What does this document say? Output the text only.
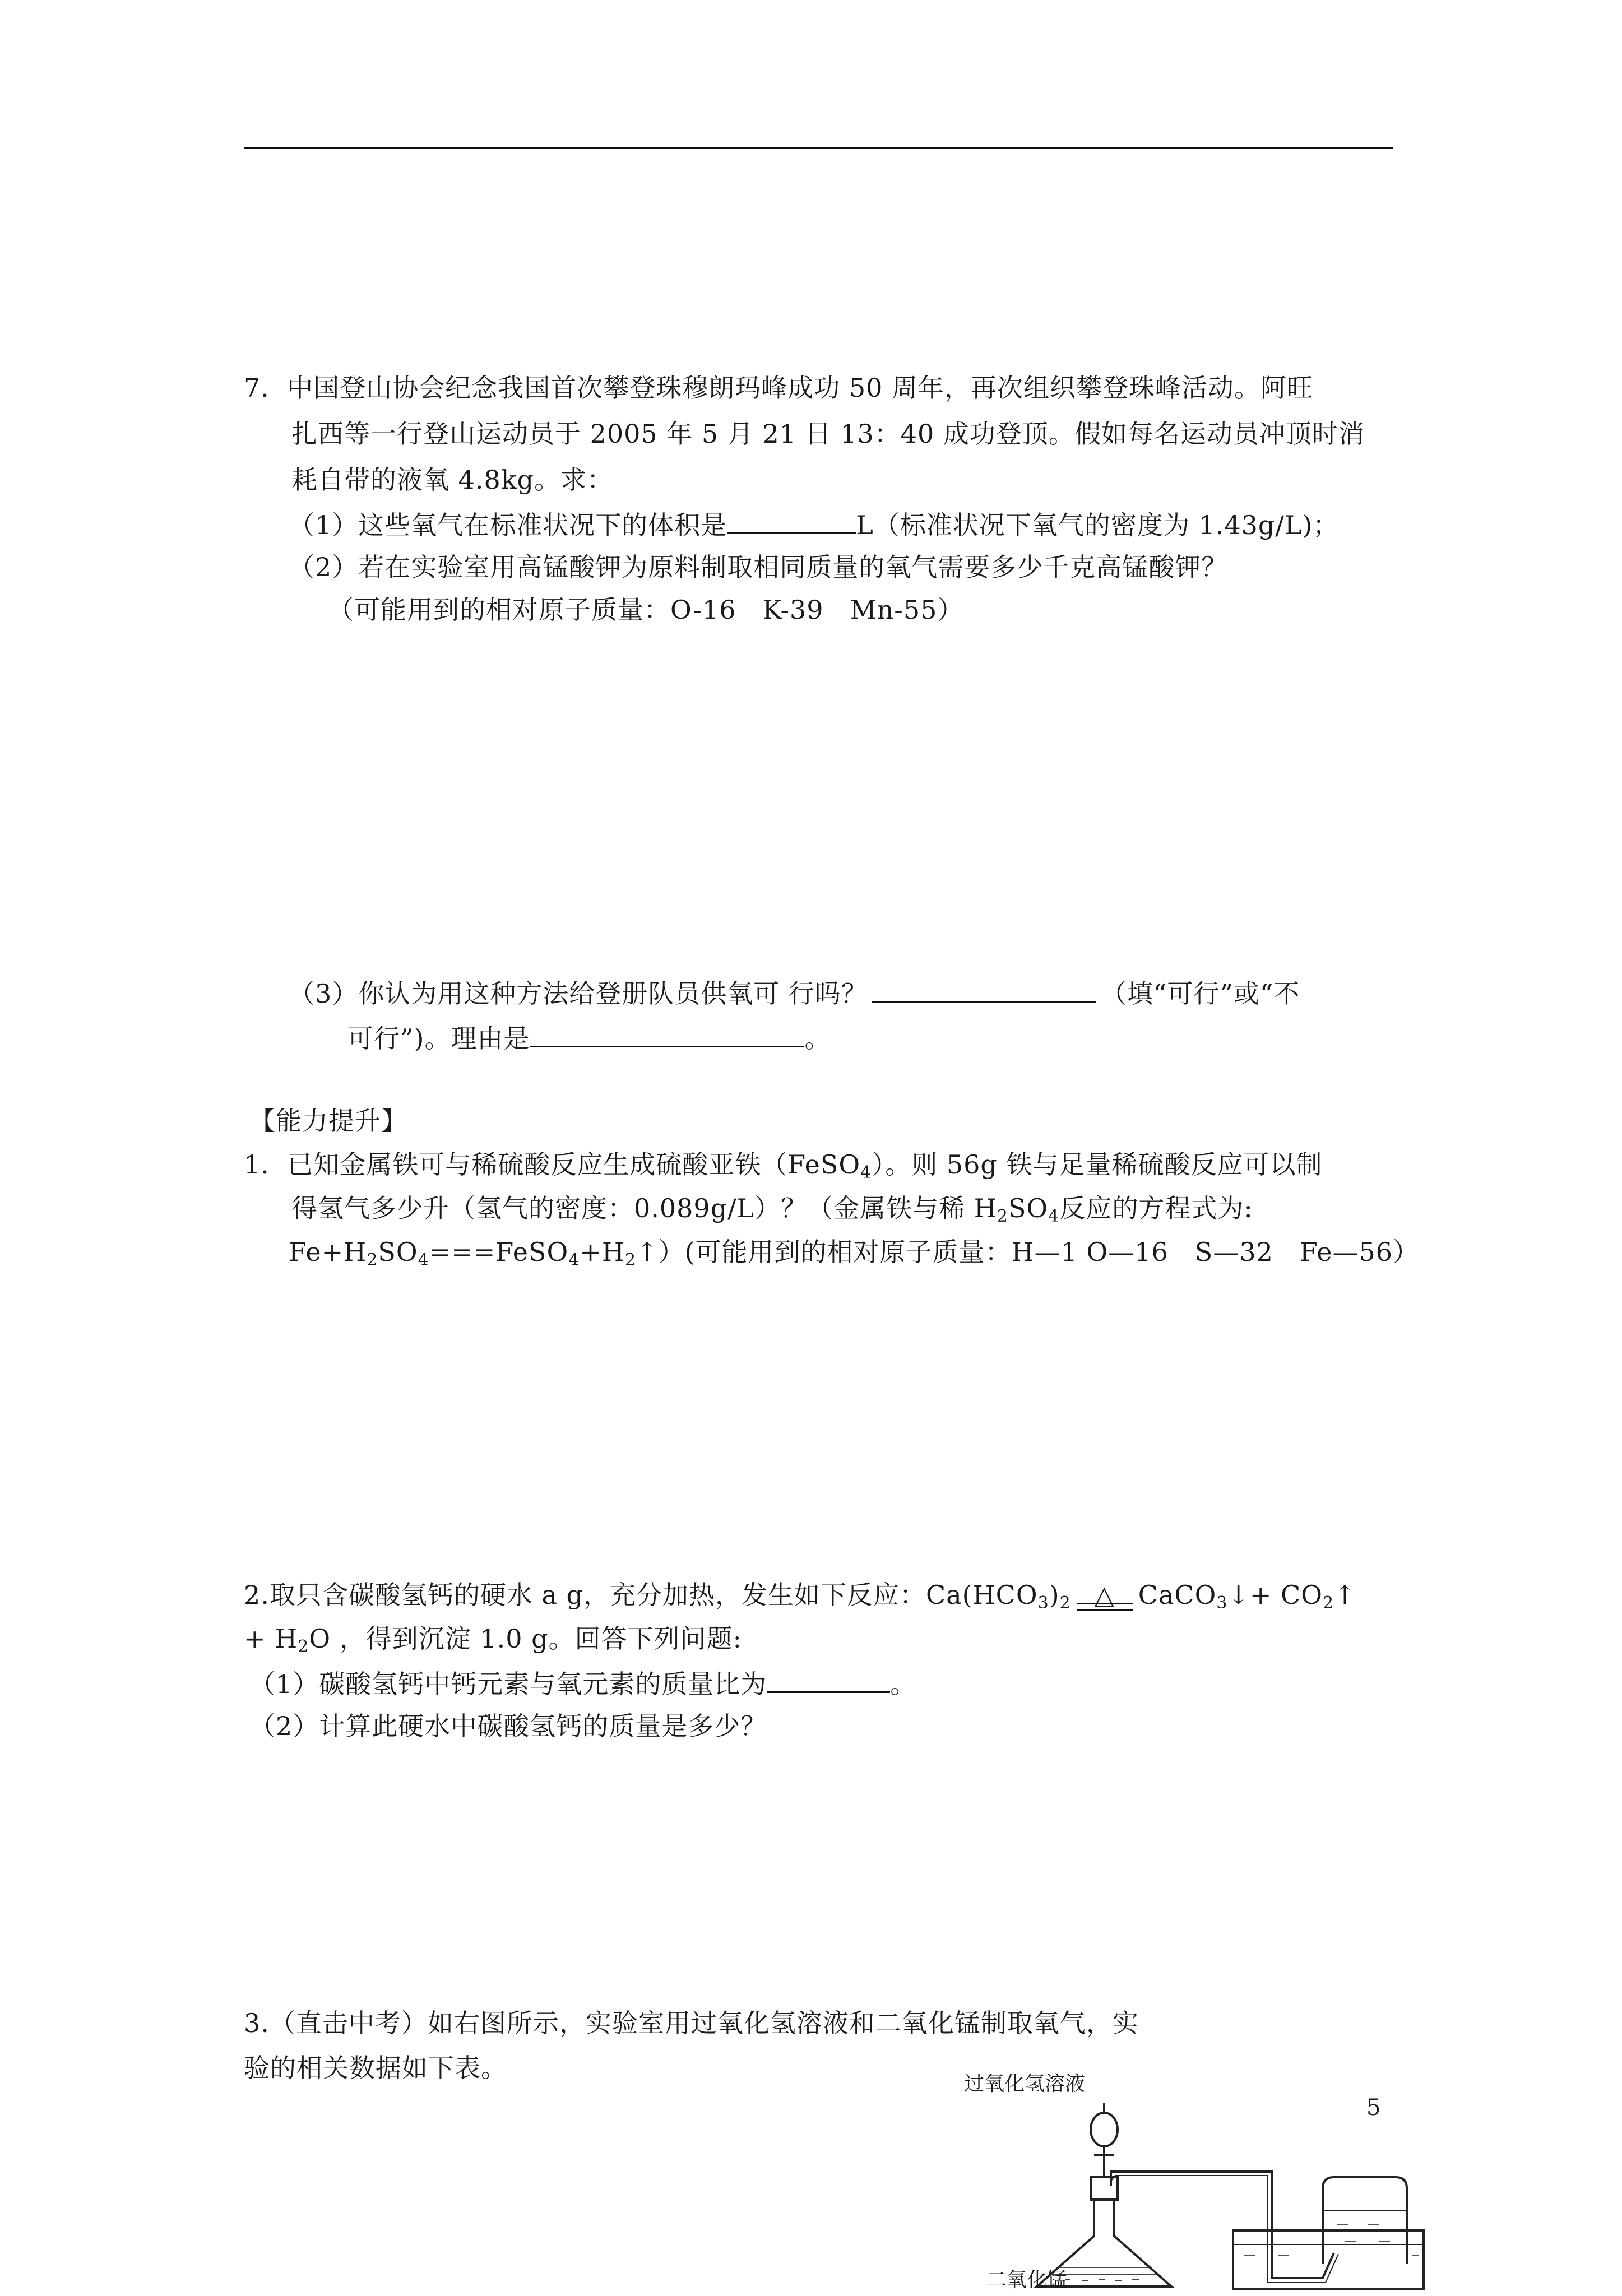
7．中国登山协会纪念我国首次攀登珠穆朗玛峰成功 50 周年，再次组织攀登珠峰活动。阿旺
扎西等一行登山运动员于 2005 年 5 月 21 日 13：40 成功登顶。假如每名运动员冲顶时消
耗自带的液氧 4.8kg。求：
（1）这些氧气在标准状况下的体积是	L（标准状况下氧气的密度为 1.43g/L)；
（2）若在实验室用高锰酸钾为原料制取相同质量的氧气需要多少千克高锰酸钾？
（可能用到的相对原子质量：O-16　K-39　Mn-55）
（3）你认为用这种方法给登册队员供氧可 行吗？	（填“可行”或“不
可行”)。理由是	。
【能力提升】
1．已知金属铁可与稀硫酸反应生成硫酸亚铁（FeSO$_4$）。则 56g 铁与足量稀硫酸反应可以制
得氢气多少升（氢气的密度：0.089g/L）？（金属铁与稀 $H_2SO_4$反应的方程式为:
$Fe+H_2SO_4===FeSO_4+H_2↑$）(可能用到的相对原子质量：H—1 O—16　S—32　Fe—56）
2.取只含碳酸氢钙的硬水 a g，充分加热，发生如下反应：$Ca(HCO_3)_2$ △ CaCO$_3$↓+ $CO_2↑$
+ $H_2O$ ，得到沉淀 1.0 g。回答下列问题:
（1）碳酸氢钙中钙元素与氧元素的质量比为	。
（2）计算此硬水中碳酸氢钙的质量是多少？
3.（直击中考）如右图所示，实验室用过氧化氢溶液和二氧化锰制取氧气，实
验的相关数据如下表。
5
过氧化氢溶液
二氧化锰
